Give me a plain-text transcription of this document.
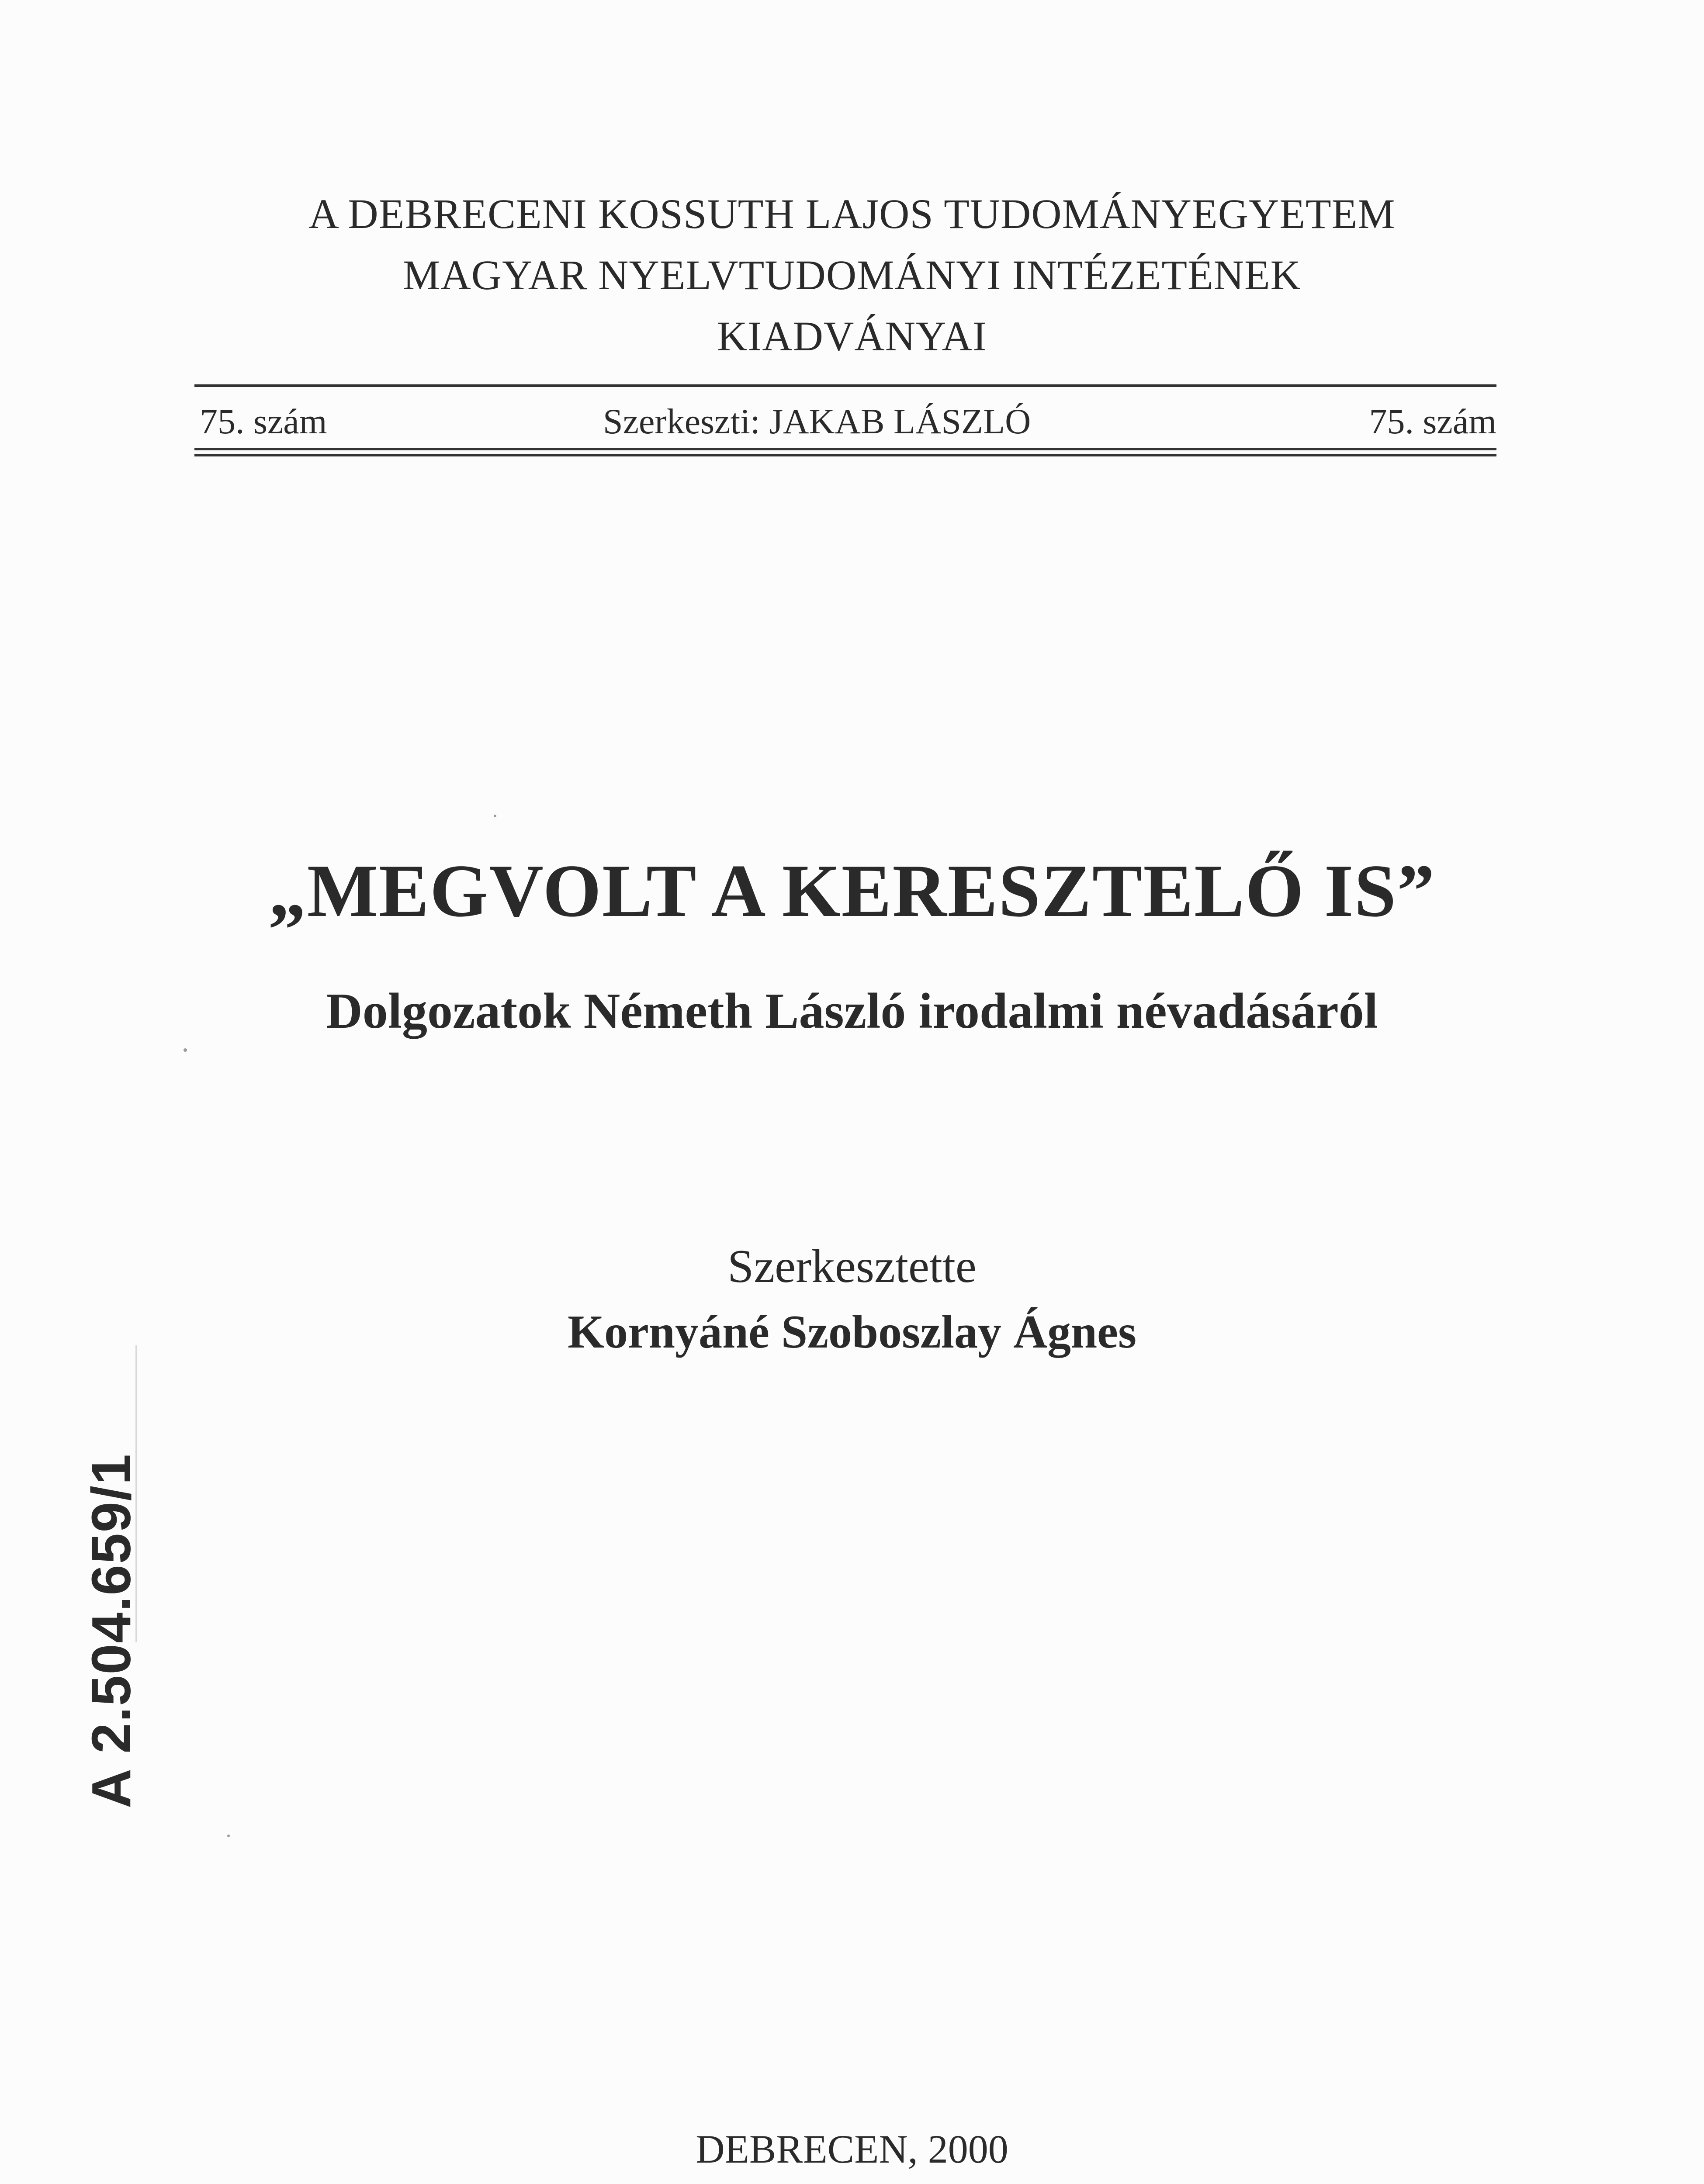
A DEBRECENI KOSSUTH LAJOS TUDOMÁNYEGYETEM
MAGYAR NYELVTUDOMÁNYI INTÉZETÉNEK
KIADVÁNYAI
75. szám	Szerkeszti: JAKAB LÁSZLÓ	75. szám
„MEGVOLT A KERESZTELŐ IS”
Dolgozatok Németh László irodalmi névadásáról
Szerkesztette
Kornyáné Szoboszlay Ágnes
DEBRECEN, 2000
A 2.504.659/1
